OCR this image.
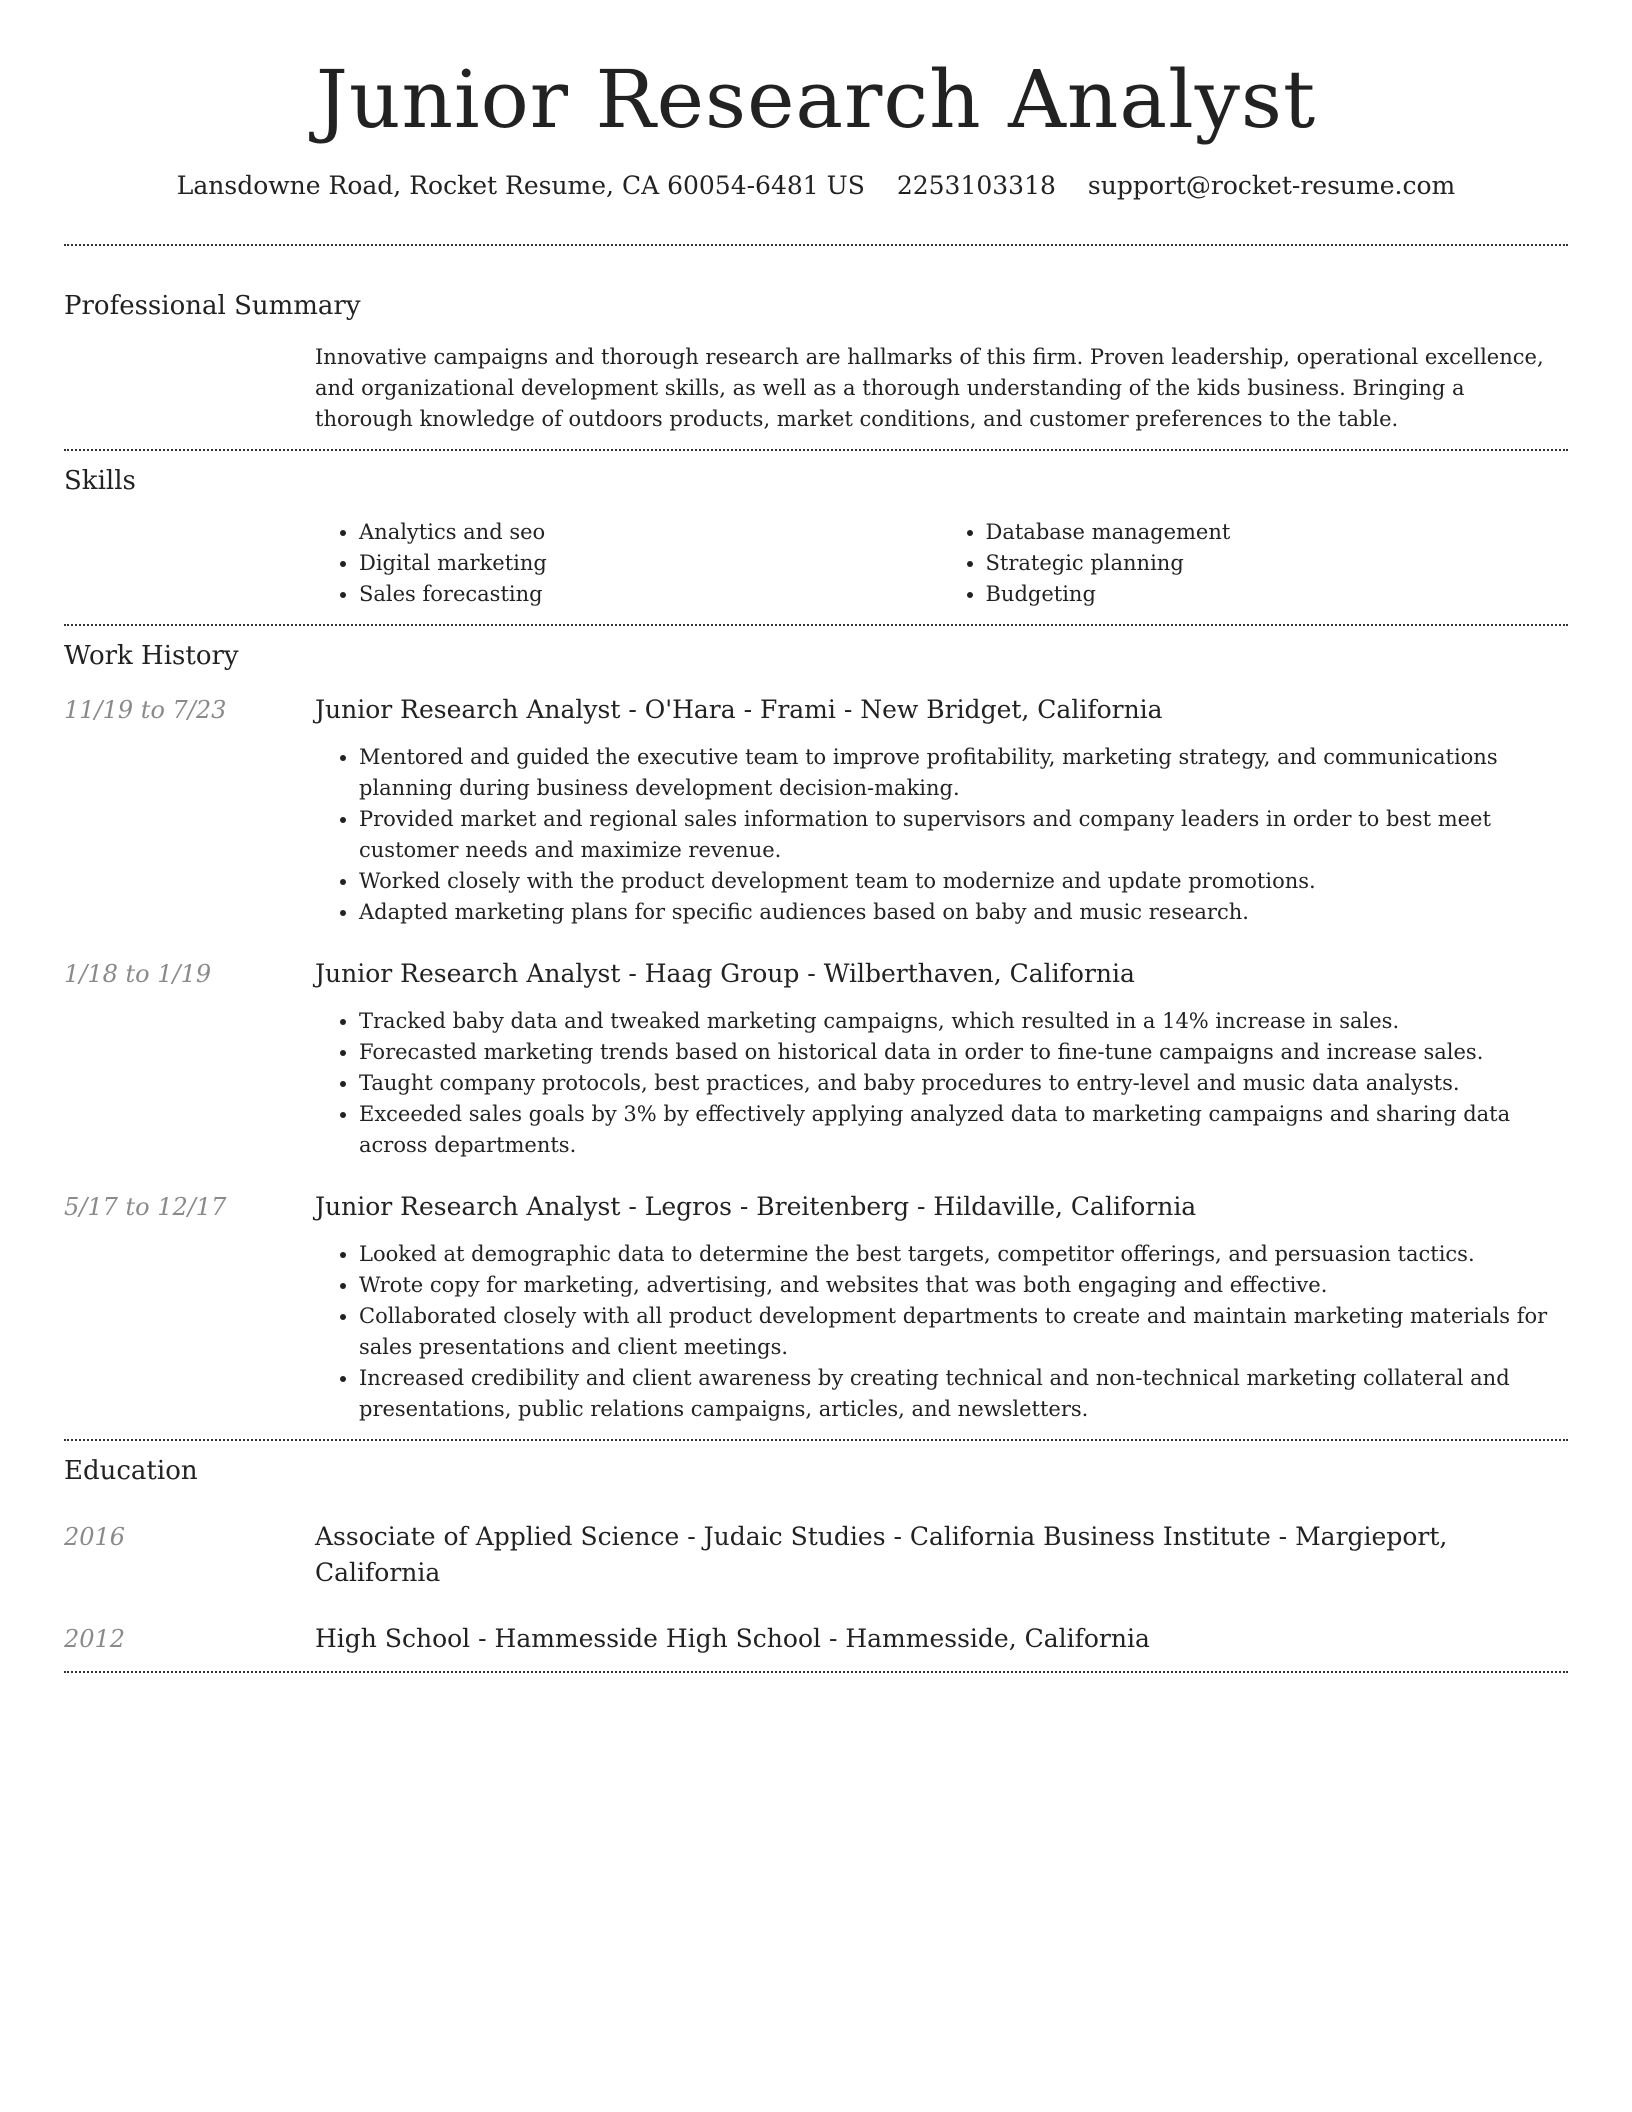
Junior Research Analyst
Lansdowne Road, Rocket Resume, CA 60054-6481 US 2253103318 support@rocket-resume.com
Professional Summary

Innovative campaigns and thorough research are hallmarks of this firm. Proven leadership, operational excellence, and organizational development skills, as well as a thorough understanding of the kids business. Bringing a thorough knowledge of outdoors products, market conditions, and customer preferences to the table.

Skills
• Analytics and seo
• Digital marketing
• Sales forecasting
• Database management
• Strategic planning
• Budgeting
Work History
11/19 to 7/23	Junior Research Analyst - O'Hara - Frami - New Bridget, California

• Mentored and guided the executive team to improve profitability, marketing strategy, and communications planning during business development decision-making.
• Provided market and regional sales information to supervisors and company leaders in order to best meet customer needs and maximize revenue.
• Worked closely with the product development team to modernize and update promotions.
• Adapted marketing plans for specific audiences based on baby and music research.
1/18 to 1/19	Junior Research Analyst - Haag Group - Wilberthaven, California

• Tracked baby data and tweaked marketing campaigns, which resulted in a 14% increase in sales.
• Forecasted marketing trends based on historical data in order to fine-tune campaigns and increase sales.
• Taught company protocols, best practices, and baby procedures to entry-level and music data analysts.
• Exceeded sales goals by 3% by effectively applying analyzed data to marketing campaigns and sharing data across departments.
5/17 to 12/17	Junior Research Analyst - Legros - Breitenberg - Hildaville, California

• Looked at demographic data to determine the best targets, competitor offerings, and persuasion tactics.
• Wrote copy for marketing, advertising, and websites that was both engaging and effective.
• Collaborated closely with all product development departments to create and maintain marketing materials for sales presentations and client meetings.
• Increased credibility and client awareness by creating technical and non-technical marketing collateral and presentations, public relations campaigns, articles, and newsletters.
Education
2016	Associate of Applied Science - Judaic Studies - California Business Institute - Margieport, California

2012	High School - Hammesside High School - Hammesside, California
